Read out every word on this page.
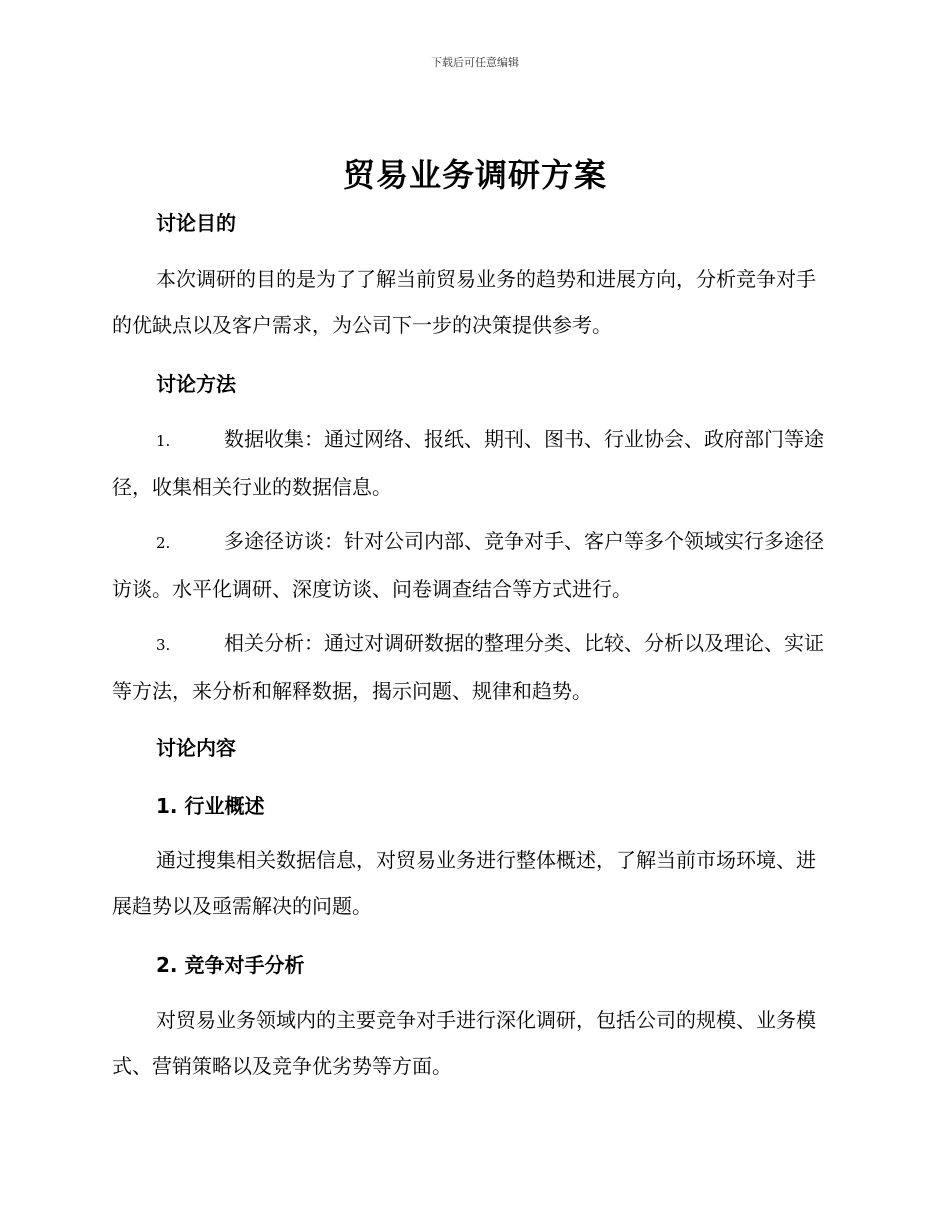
下载后可任意编辑
贸易业务调研方案
讨论目的

本次调研的目的是为了了解当前贸易业务的趋势和进展方向，分析竞争对手的优缺点以及客户需求，为公司下一步的决策提供参考。

讨论方法

1.	数据收集：通过网络、报纸、期刊、图书、行业协会、政府部门等途径，收集相关行业的数据信息。

2.	多途径访谈：针对公司内部、竞争对手、客户等多个领域实行多途径访谈。水平化调研、深度访谈、问卷调查结合等方式进行。

3.	相关分析：通过对调研数据的整理分类、比较、分析以及理论、实证等方法，来分析和解释数据，揭示问题、规律和趋势。

讨论内容
1. 行业概述

通过搜集相关数据信息，对贸易业务进行整体概述，了解当前市场环境、进展趋势以及亟需解决的问题。

2. 竞争对手分析

对贸易业务领域内的主要竞争对手进行深化调研，包括公司的规模、业务模式、营销策略以及竞争优劣势等方面。
